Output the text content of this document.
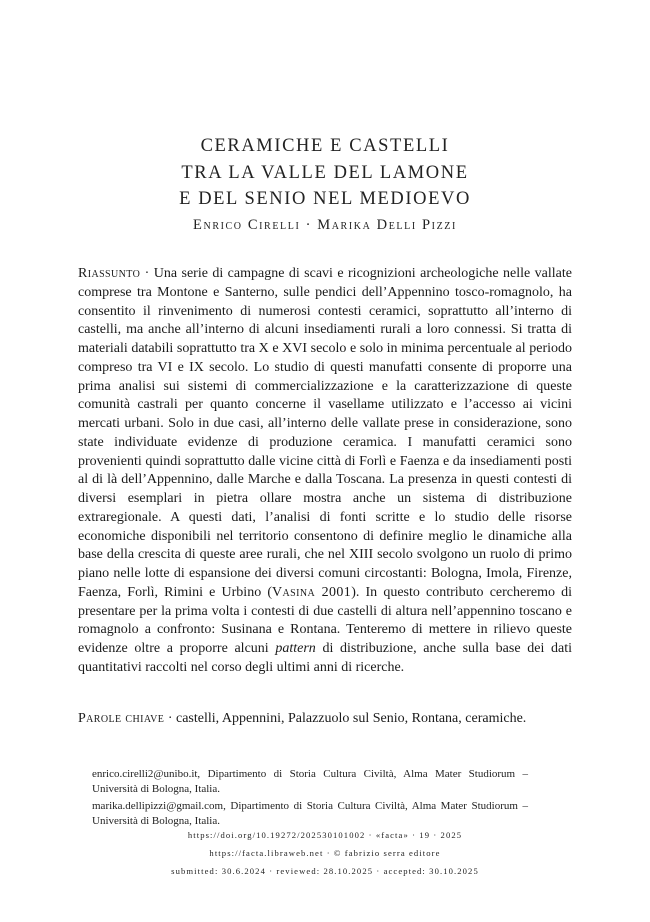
CERAMICHE E CASTELLI
TRA LA VALLE DEL LAMONE
E DEL SENIO NEL MEDIOEVO
Enrico Cirelli · Marika Delli Pizzi
Riassunto · Una serie di campagne di scavi e ricognizioni archeologiche nelle vallate comprese tra Montone e Santerno, sulle pendici dell’Appennino tosco-romagnolo, ha consentito il rinvenimento di numerosi contesti ceramici, soprattutto all’interno di castelli, ma anche all’interno di alcuni insediamenti rurali a loro connessi. Si tratta di materiali databili soprattutto tra X e XVI secolo e solo in minima percentuale al periodo compreso tra VI e IX secolo. Lo studio di questi manufatti consente di proporre una prima analisi sui sistemi di commercializzazione e la caratterizzazione di queste comunità castrali per quanto concerne il vasellame utilizzato e l’accesso ai vicini mercati urbani. Solo in due casi, all’interno delle vallate prese in considerazione, sono state individuate evidenze di produzione ceramica. I manufatti ceramici sono provenienti quindi soprattutto dalle vicine città di Forlì e Faenza e da insediamenti posti al di là dell’Appennino, dalle Marche e dalla Toscana. La presenza in questi contesti di diversi esemplari in pietra ollare mostra anche un sistema di distribuzione extraregionale. A questi dati, l’analisi di fonti scritte e lo studio delle risorse economiche disponibili nel territorio consentono di definire meglio le dinamiche alla base della crescita di queste aree rurali, che nel XIII secolo svolgono un ruolo di primo piano nelle lotte di espansione dei diversi comuni circostanti: Bologna, Imola, Firenze, Faenza, Forlì, Rimini e Urbino (Vasina 2001). In questo contributo cercheremo di presentare per la prima volta i contesti di due castelli di altura nell’appennino toscano e romagnolo a confronto: Susinana e Rontana. Tenteremo di mettere in rilievo queste evidenze oltre a proporre alcuni pattern di distribuzione, anche sulla base dei dati quantitativi raccolti nel corso degli ultimi anni di ricerche.
Parole chiave · castelli, Appennini, Palazzuolo sul Senio, Rontana, ceramiche.
enrico.cirelli2@unibo.it, Dipartimento di Storia Cultura Civiltà, Alma Mater Studiorum – Università di Bologna, Italia.
marika.dellipizzi@gmail.com, Dipartimento di Storia Cultura Civiltà, Alma Mater Studiorum – Università di Bologna, Italia.
https://doi.org/10.19272/202530101002 · «facta» · 19 · 2025
https://facta.libraweb.net · © fabrizio serra editore
submitted: 30.6.2024 · reviewed: 28.10.2025 · accepted: 30.10.2025
